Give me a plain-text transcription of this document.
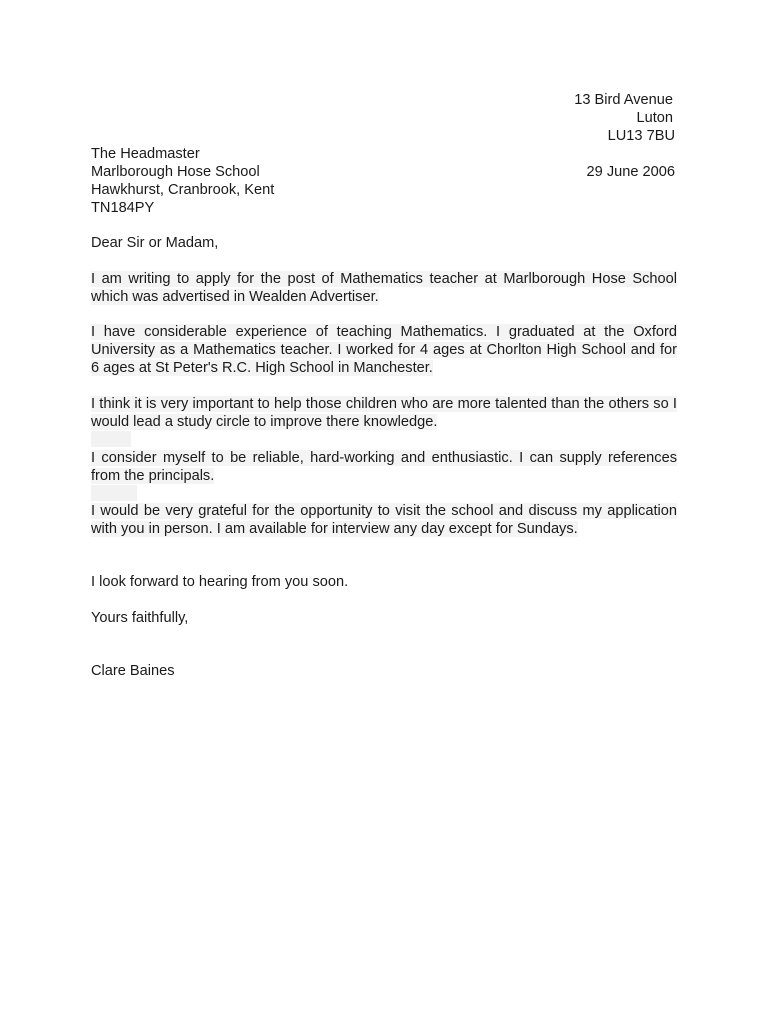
13 Bird Avenue
Luton
LU13 7BU
The Headmaster
Marlborough Hose School	29 June 2006
Hawkhurst, Cranbrook, Kent
TN184PY
Dear Sir or Madam,
I am writing to apply for the post of Mathematics teacher at Marlborough Hose School which was advertised in Wealden Advertiser.
I have considerable experience of teaching Mathematics. I graduated at the Oxford University as a Mathematics teacher. I worked for 4 ages at Chorlton High School and for 6 ages at St Peter's R.C. High School in Manchester.
I think it is very important to help those children who are more talented than the others so I would lead a study circle to improve there knowledge.
I consider myself to be reliable, hard-working and enthusiastic. I can supply references from the principals.
I would be very grateful for the opportunity to visit the school and discuss my application with you in person. I am available for interview any day except for Sundays.
I look forward to hearing from you soon.
Yours faithfully,
Clare Baines
